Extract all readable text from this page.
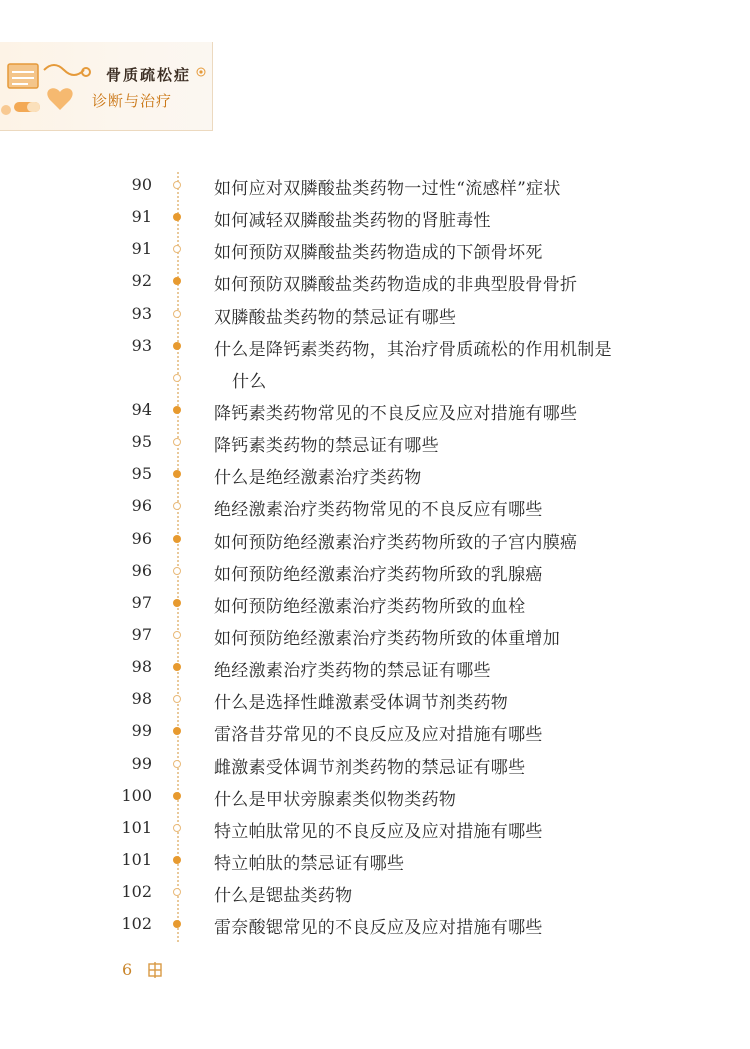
骨质疏松症
诊断与治疗
90	如何应对双膦酸盐类药物一过性“流感样”症状
91	如何减轻双膦酸盐类药物的肾脏毒性
91	如何预防双膦酸盐类药物造成的下颌骨坏死
92	如何预防双膦酸盐类药物造成的非典型股骨骨折
93	双膦酸盐类药物的禁忌证有哪些
93	什么是降钙素类药物，其治疗骨质疏松的作用机制是
什么
94	降钙素类药物常见的不良反应及应对措施有哪些
95	降钙素类药物的禁忌证有哪些
95	什么是绝经激素治疗类药物
96	绝经激素治疗类药物常见的不良反应有哪些
96	如何预防绝经激素治疗类药物所致的子宫内膜癌
96	如何预防绝经激素治疗类药物所致的乳腺癌
97	如何预防绝经激素治疗类药物所致的血栓
97	如何预防绝经激素治疗类药物所致的体重增加
98	绝经激素治疗类药物的禁忌证有哪些
98	什么是选择性雌激素受体调节剂类药物
99	雷洛昔芬常见的不良反应及应对措施有哪些
99	雌激素受体调节剂类药物的禁忌证有哪些
100	什么是甲状旁腺素类似物类药物
101	特立帕肽常见的不良反应及应对措施有哪些
101	特立帕肽的禁忌证有哪些
102	什么是锶盐类药物
102	雷奈酸锶常见的不良反应及应对措施有哪些
6
